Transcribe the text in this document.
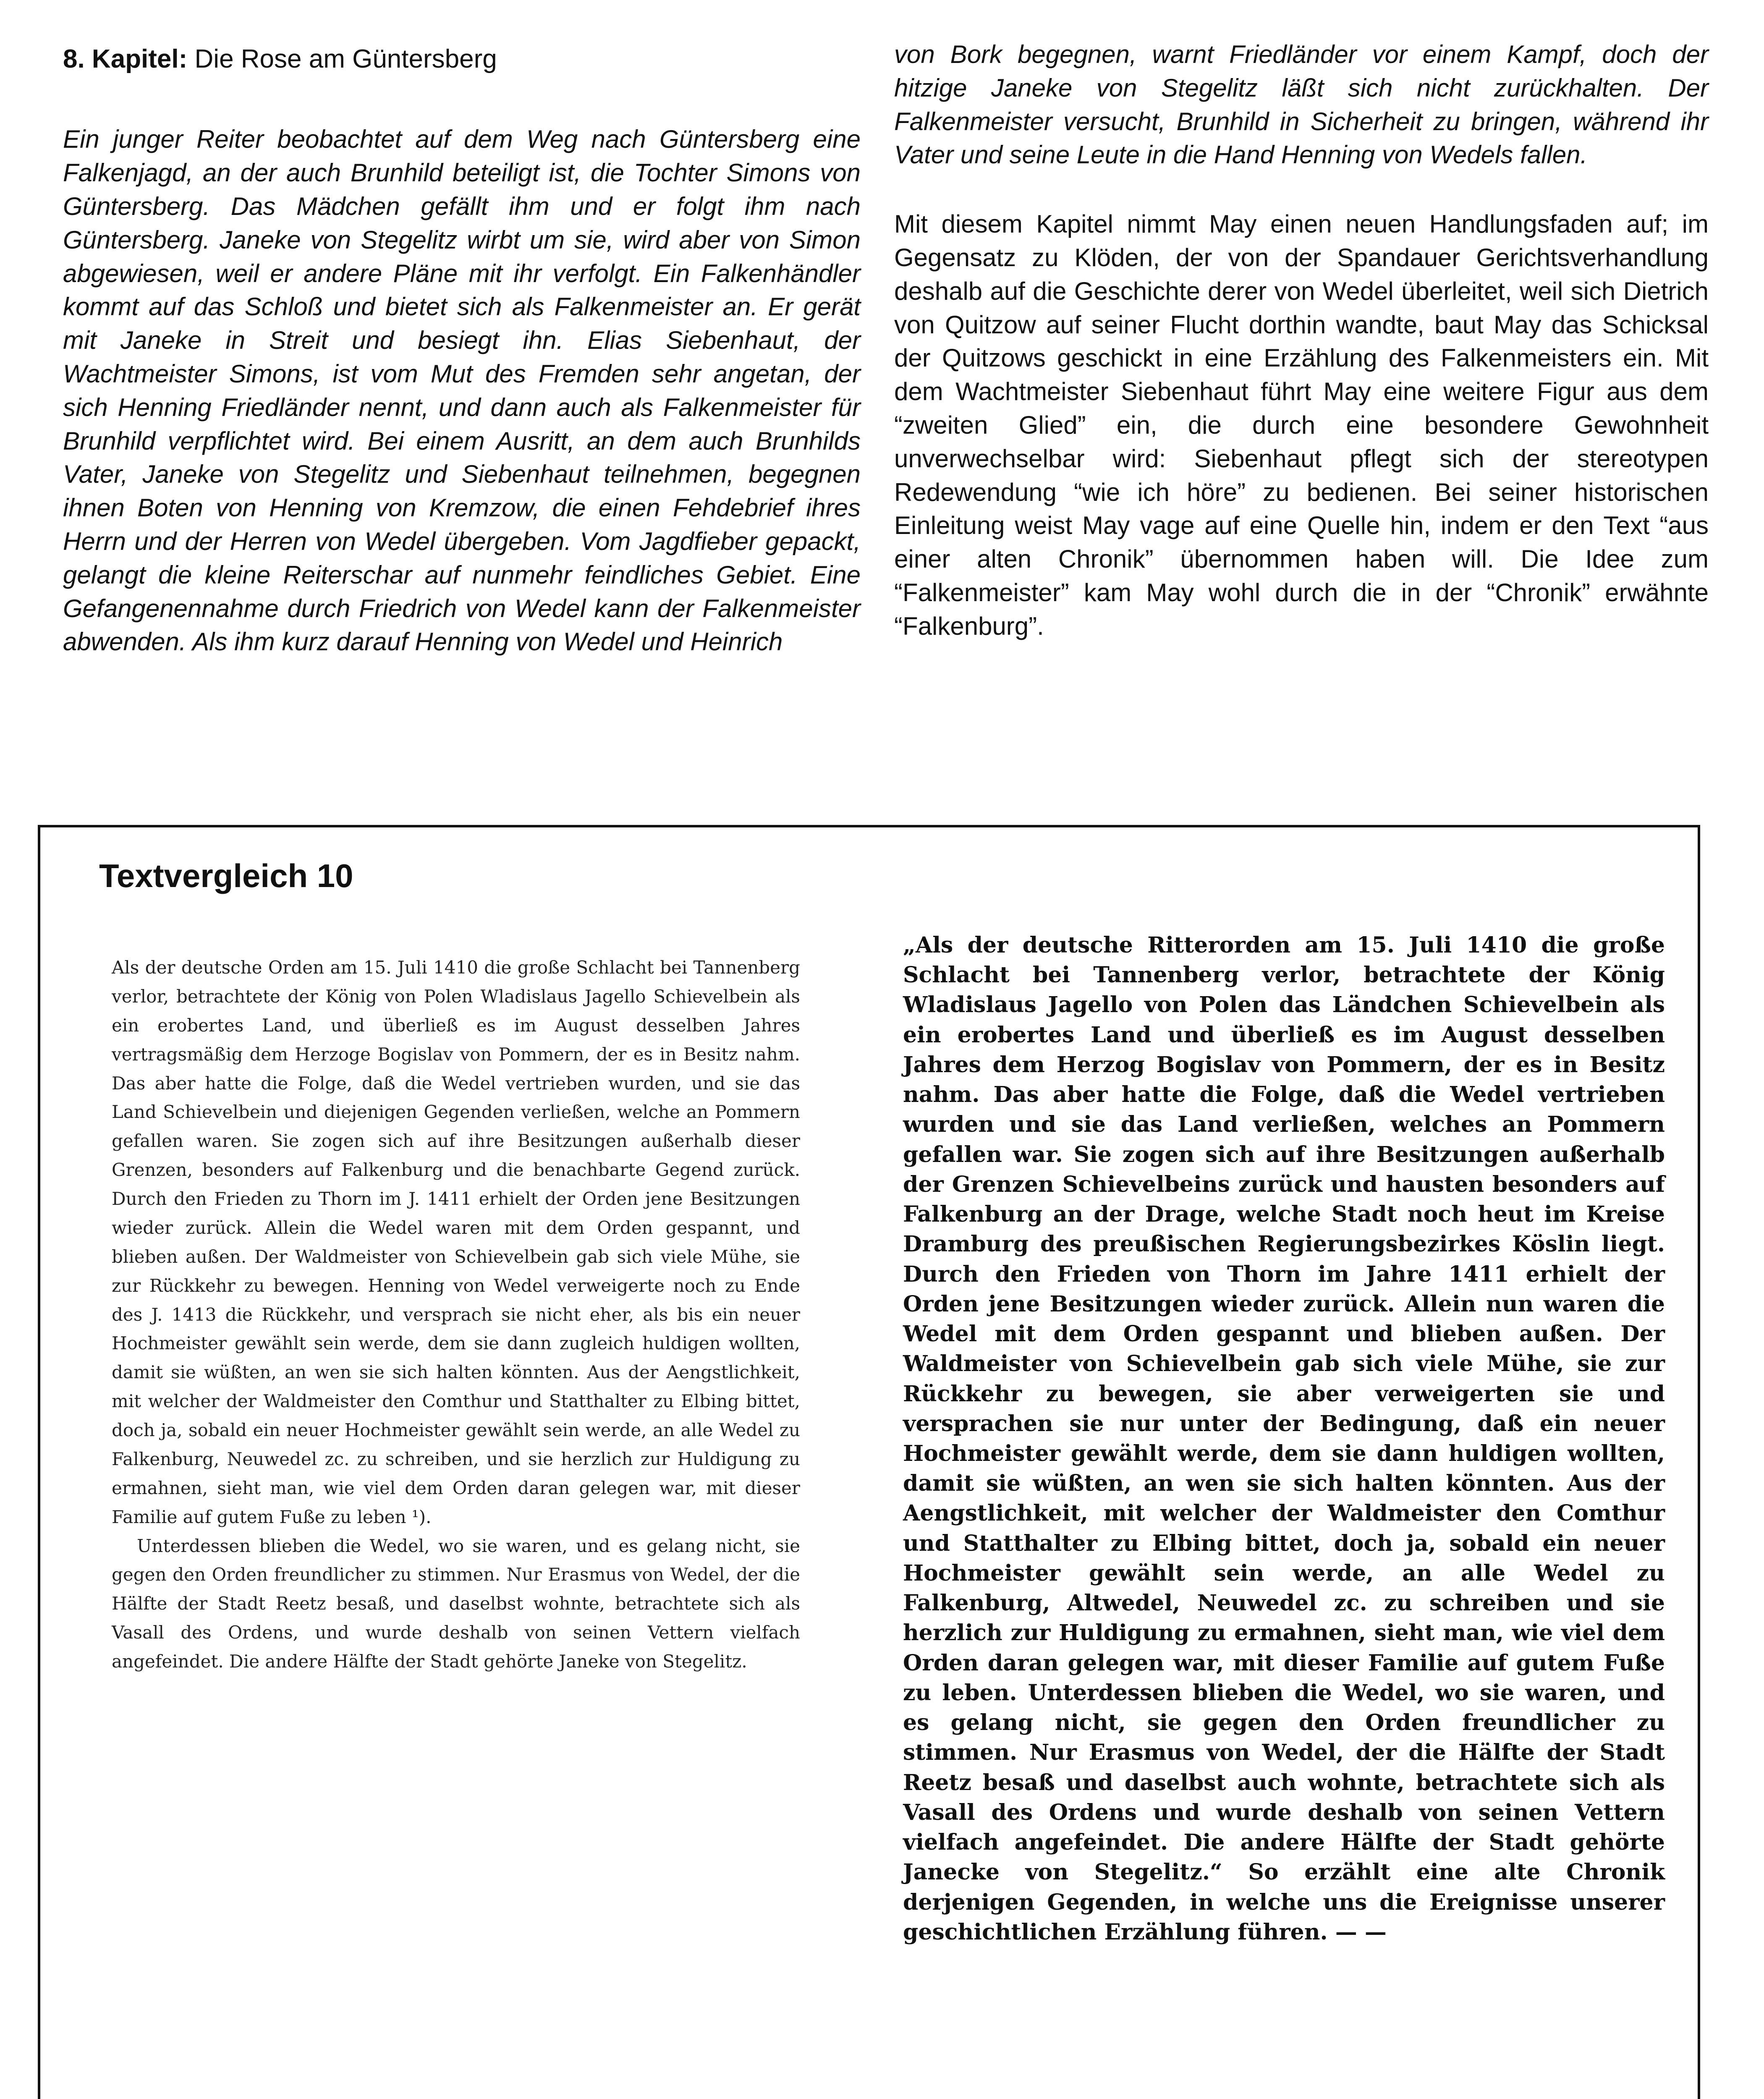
8. Kapitel: Die Rose am Güntersberg

Ein junger Reiter beobachtet auf dem Weg nach Güntersberg eine Falkenjagd, an der auch Brunhild beteiligt ist, die Tochter Simons von Güntersberg. Das Mädchen gefällt ihm und er folgt ihm nach Güntersberg. Janeke von Stegelitz wirbt um sie, wird aber von Simon abgewiesen, weil er andere Pläne mit ihr verfolgt. Ein Falkenhändler kommt auf das Schloß und bietet sich als Falkenmeister an. Er gerät mit Janeke in Streit und besiegt ihn. Elias Siebenhaut, der Wachtmeister Simons, ist vom Mut des Fremden sehr angetan, der sich Henning Friedländer nennt, und dann auch als Falkenmeister für Brunhild verpflichtet wird. Bei einem Ausritt, an dem auch Brunhilds Vater, Janeke von Stegelitz und Siebenhaut teilnehmen, begegnen ihnen Boten von Henning von Kremzow, die einen Fehdebrief ihres Herrn und der Herren von Wedel übergeben. Vom Jagdfieber gepackt, gelangt die kleine Reiterschar auf nunmehr feindliches Gebiet. Eine Gefangenennahme durch Friedrich von Wedel kann der Falkenmeister abwenden. Als ihm kurz darauf Henning von Wedel und Heinrich

von Bork begegnen, warnt Friedländer vor einem Kampf, doch der hitzige Janeke von Stegelitz läßt sich nicht zurückhalten. Der Falkenmeister versucht, Brunhild in Sicherheit zu bringen, während ihr Vater und seine Leute in die Hand Henning von Wedels fallen.

Mit diesem Kapitel nimmt May einen neuen Handlungsfaden auf; im Gegensatz zu Klöden, der von der Spandauer Gerichtsverhandlung deshalb auf die Geschichte derer von Wedel überleitet, weil sich Dietrich von Quitzow auf seiner Flucht dorthin wandte, baut May das Schicksal der Quitzows geschickt in eine Erzählung des Falkenmeisters ein. Mit dem Wachtmeister Siebenhaut führt May eine weitere Figur aus dem “zweiten Glied” ein, die durch eine besondere Gewohnheit unverwechselbar wird: Siebenhaut pflegt sich der stereotypen Redewendung “wie ich höre” zu bedienen. Bei seiner historischen Einleitung weist May vage auf eine Quelle hin, indem er den Text “aus einer alten Chronik” übernommen haben will. Die Idee zum “Falkenmeister” kam May wohl durch die in der “Chronik” erwähnte “Falkenburg”.

Textvergleich 10

Als der deutsche Orden am 15. Juli 1410 die große Schlacht bei Tannenberg verlor, betrachtete der König von Polen Wladislaus Jagello Schievelbein als ein erobertes Land, und überließ es im August desselben Jahres vertragsmäßig dem Herzoge Bogislav von Pommern, der es in Besitz nahm. Das aber hatte die Folge, daß die Wedel vertrieben wurden, und sie das Land Schievelbein und diejenigen Gegenden verließen, welche an Pommern gefallen waren. Sie zogen sich auf ihre Besitzungen außerhalb dieser Grenzen, besonders auf Falkenburg und die benachbarte Gegend zurück. Durch den Frieden zu Thorn im J. 1411 erhielt der Orden jene Besitzungen wieder zurück. Allein die Wedel waren mit dem Orden gespannt, und blieben außen. Der Waldmeister von Schievelbein gab sich viele Mühe, sie zur Rückkehr zu bewegen. Henning von Wedel verweigerte noch zu Ende des J. 1413 die Rückkehr, und versprach sie nicht eher, als bis ein neuer Hochmeister gewählt sein werde, dem sie dann zugleich huldigen wollten, damit sie wüßten, an wen sie sich halten könnten. Aus der Aengstlichkeit, mit welcher der Waldmeister den Comthur und Statthalter zu Elbing bittet, doch ja, sobald ein neuer Hochmeister gewählt sein werde, an alle Wedel zu Falkenburg, Neuwedel zc. zu schreiben, und sie herzlich zur Huldigung zu ermahnen, sieht man, wie viel dem Orden daran gelegen war, mit dieser Familie auf gutem Fuße zu leben ¹).

Unterdessen blieben die Wedel, wo sie waren, und es gelang nicht, sie gegen den Orden freundlicher zu stimmen. Nur Erasmus von Wedel, der die Hälfte der Stadt Reetz besaß, und daselbst wohnte, betrachtete sich als Vasall des Ordens, und wurde deshalb von seinen Vettern vielfach angefeindet. Die andere Hälfte der Stadt gehörte Janeke von Stegelitz.

„Als der deutsche Ritterorden am 15. Juli 1410 die große Schlacht bei Tannenberg verlor, betrachtete der König Wladislaus Jagello von Polen das Ländchen Schievelbein als ein erobertes Land und überließ es im August desselben Jahres dem Herzog Bogislav von Pommern, der es in Besitz nahm. Das aber hatte die Folge, daß die Wedel vertrieben wurden und sie das Land verließen, welches an Pommern gefallen war. Sie zogen sich auf ihre Besitzungen außerhalb der Grenzen Schievelbeins zurück und hausten besonders auf Falkenburg an der Drage, welche Stadt noch heut im Kreise Dramburg des preußischen Regierungsbezirkes Köslin liegt. Durch den Frieden von Thorn im Jahre 1411 erhielt der Orden jene Besitzungen wieder zurück. Allein nun waren die Wedel mit dem Orden gespannt und blieben außen. Der Waldmeister von Schievelbein gab sich viele Mühe, sie zur Rückkehr zu bewegen, sie aber verweigerten sie und versprachen sie nur unter der Bedingung, daß ein neuer Hochmeister gewählt werde, dem sie dann huldigen wollten, damit sie wüßten, an wen sie sich halten könnten. Aus der Aengstlichkeit, mit welcher der Waldmeister den Comthur und Statthalter zu Elbing bittet, doch ja, sobald ein neuer Hochmeister gewählt sein werde, an alle Wedel zu Falkenburg, Altwedel, Neuwedel zc. zu schreiben und sie herzlich zur Huldigung zu ermahnen, sieht man, wie viel dem Orden daran gelegen war, mit dieser Familie auf gutem Fuße zu leben. Unterdessen blieben die Wedel, wo sie waren, und es gelang nicht, sie gegen den Orden freundlicher zu stimmen. Nur Erasmus von Wedel, der die Hälfte der Stadt Reetz besaß und daselbst auch wohnte, betrachtete sich als Vasall des Ordens und wurde deshalb von seinen Vettern vielfach angefeindet. Die andere Hälfte der Stadt gehörte Janecke von Stegelitz.“ So erzählt eine alte Chronik derjenigen Gegenden, in welche uns die Ereignisse unserer geschichtlichen Erzählung führen. — —
